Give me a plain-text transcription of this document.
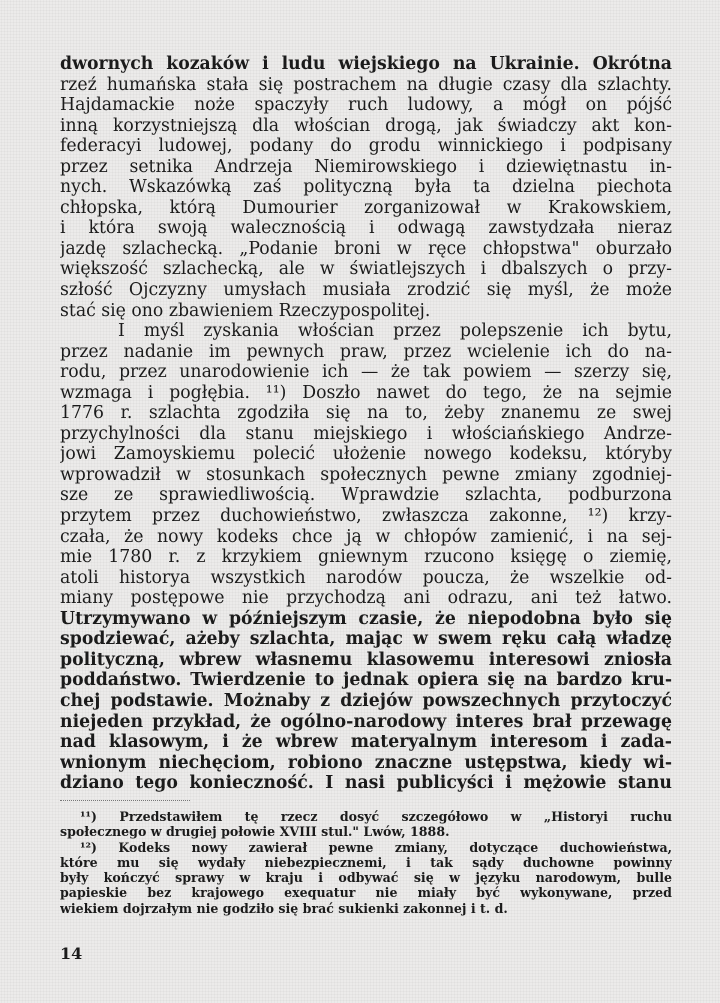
dwornych kozaków i ludu wiejskiego na Ukrainie. Okrótna
rzeź humańska stała się postrachem na długie czasy dla szlachty.
Hajdamackie noże spaczyły ruch ludowy, a mógł on pójść
inną korzystniejszą dla włościan drogą, jak świadczy akt kon-
federacyi ludowej, podany do grodu winnickiego i podpisany
przez setnika Andrzeja Niemirowskiego i dziewiętnastu in-
nych. Wskazówką zaś polityczną była ta dzielna piechota
chłopska, którą Dumourier zorganizował w Krakowskiem,
i która swoją walecznością i odwagą zawstydzała nieraz
jazdę szlachecką. „Podanie broni w ręce chłopstwa" oburzało
większość szlachecką, ale w światlejszych i dbalszych o przy-
szłość Ojczyzny umysłach musiała zrodzić się myśl, że może
stać się ono zbawieniem Rzeczypospolitej.
I myśl zyskania włościan przez polepszenie ich bytu,
przez nadanie im pewnych praw, przez wcielenie ich do na-
rodu, przez unarodowienie ich — że tak powiem — szerzy się,
wzmaga i pogłębia. ¹¹) Doszło nawet do tego, że na sejmie
1776 r. szlachta zgodziła się na to, żeby znanemu ze swej
przychylności dla stanu miejskiego i włościańskiego Andrze-
jowi Zamoyskiemu polecić ułożenie nowego kodeksu, któryby
wprowadził w stosunkach społecznych pewne zmiany zgodniej-
sze ze sprawiedliwością. Wprawdzie szlachta, podburzona
przytem przez duchowieństwo, zwłaszcza zakonne, ¹²) krzy-
czała, że nowy kodeks chce ją w chłopów zamienić, i na sej-
mie 1780 r. z krzykiem gniewnym rzucono księgę o ziemię,
atoli historya wszystkich narodów poucza, że wszelkie od-
miany postępowe nie przychodzą ani odrazu, ani też łatwo.
Utrzymywano w późniejszym czasie, że niepodobna było się
spodziewać, ażeby szlachta, mając w swem ręku całą władzę
polityczną, wbrew własnemu klasowemu interesowi zniosła
poddaństwo. Twierdzenie to jednak opiera się na bardzo kru-
chej podstawie. Możnaby z dziejów powszechnych przytoczyć
niejeden przykład, że ogólno-narodowy interes brał przewagę
nad klasowym, i że wbrew materyalnym interesom i zada-
wnionym niechęciom, robiono znaczne ustępstwa, kiedy wi-
dziano tego konieczność. I nasi publicyści i mężowie stanu
¹¹) Przedstawiłem tę rzecz dosyć szczegółowo w „Historyi ruchu
społecznego w drugiej połowie XVIII stul." Lwów, 1888.
¹²) Kodeks nowy zawierał pewne zmiany, dotyczące duchowieństwa,
które mu się wydały niebezpiecznemi, i tak sądy duchowne powinny
były kończyć sprawy w kraju i odbywać się w języku narodowym, bulle
papieskie bez krajowego exequatur nie miały być wykonywane, przed
wiekiem dojrzałym nie godziło się brać sukienki zakonnej i t. d.
14
